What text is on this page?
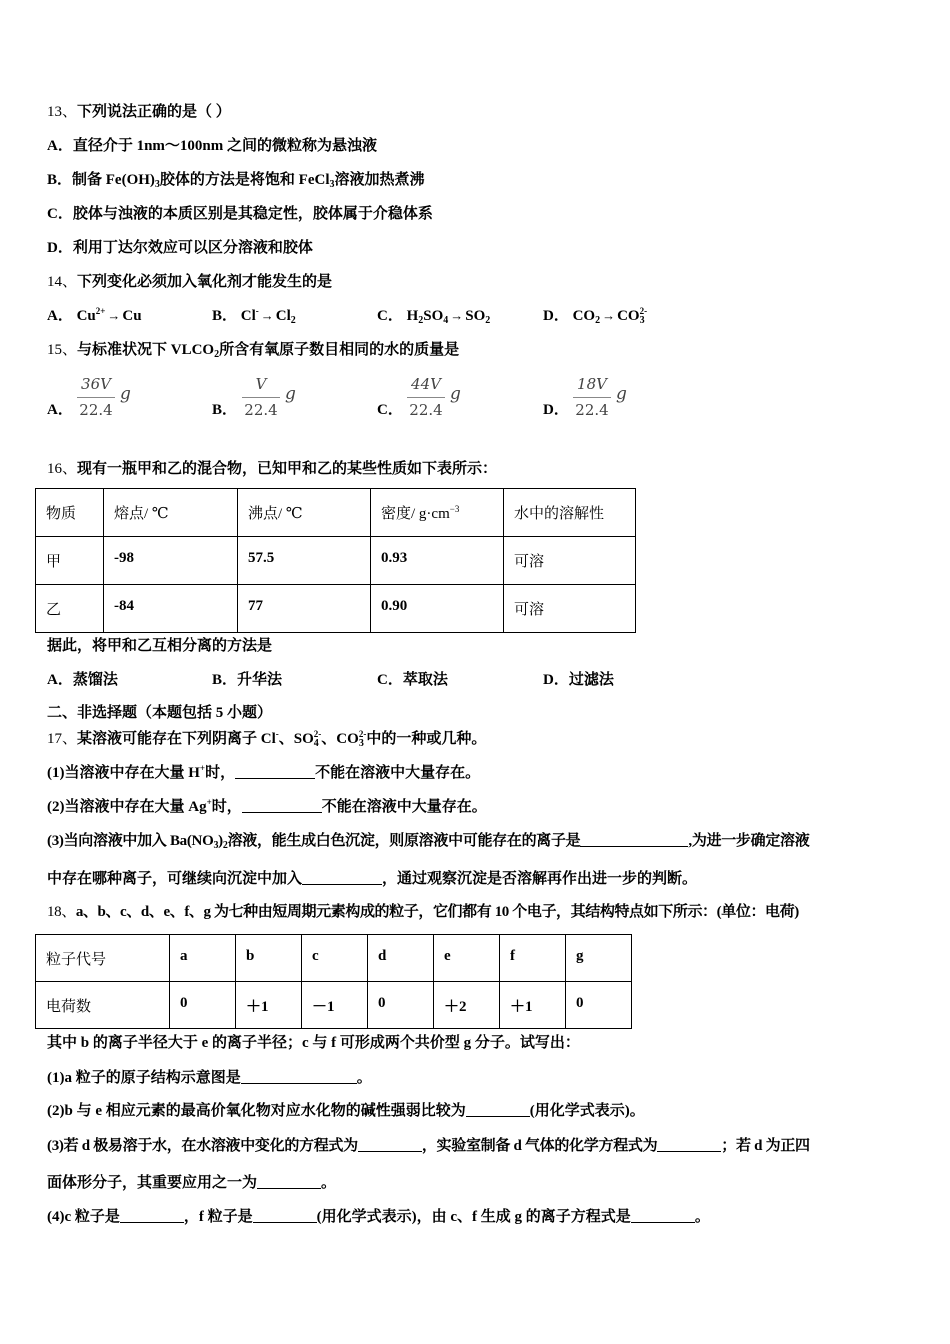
13、下列说法正确的是（ ）
A．直径介于 1nm～100nm 之间的微粒称为悬浊液
B．制备 $Fe(OH)_3$胶体的方法是将饱和 FeCl$_3$溶液加热煮沸
C．胶体与浊液的本质区别是其稳定性，胶体属于介稳体系
D．利用丁达尔效应可以区分溶液和胶体
14、下列变化必须加入氧化剂才能发生的是
A． $Cu^{2+} \to Cu$	B． $Cl^- \to Cl_2$	C． $H_2SO_4 \to SO_2$	D． $CO_2 \to CO_3^{2-}$
15、与标准状况下 $VLCO_2$所含有氧原子数目相同的水的质量是
A．
36V
22.4
g
B．
V
22.4
g
C．
44V
22.4
g
D．
18V
22.4
g
16、现有一瓶甲和乙的混合物，已知甲和乙的某些性质如下表所示：
物质	熔点/ ℃	沸点/ ℃	密度/ $g\cdot cm^{-3}$	水中的溶解性
甲	-98	57.5	0.93	可溶
乙	-84	77	0.90	可溶
据此，将甲和乙互相分离的方法是
A．蒸馏法	B．升华法	C．萃取法	D．过滤法
二、非选择题（本题包括 5 小题）
17、某溶液可能存在下列阴离子 Cl-、$SO_4^{2-}$、$CO_3^{2-}$中的一种或几种。
(1)当溶液中存在大量 H+时，	不能在溶液中大量存在。
(2)当溶液中存在大量 Ag+时，	不能在溶液中大量存在。
(3)当向溶液中加入 $Ba(NO_3)_2$溶液，能生成白色沉淀，则原溶液中可能存在的离子是	,为进一步确定溶液
中存在哪种离子，可继续向沉淀中加入	，通过观察沉淀是否溶解再作出进一步的判断。
18、a、b、c、d、e、f、g 为七种由短周期元素构成的粒子，它们都有 10 个电子，其结构特点如下所示：(单位：电荷)
粒子代号	a	b	c	d	e	f	g
电荷数	0	＋1	－1	0	＋2	＋1	0
其中 b 的离子半径大于 e 的离子半径；c 与 f 可形成两个共价型 g 分子。试写出：
(1)a 粒子的原子结构示意图是	。
(2)b 与 e 相应元素的最高价氧化物对应水化物的碱性强弱比较为	(用化学式表示)。
(3)若 d 极易溶于水，在水溶液中变化的方程式为	，实验室制备 d 气体的化学方程式为	；若 d 为正四
面体形分子，其重要应用之一为	。
(4)c 粒子是	，f 粒子是	(用化学式表示)，由 c、f 生成 g 的离子方程式是	。
